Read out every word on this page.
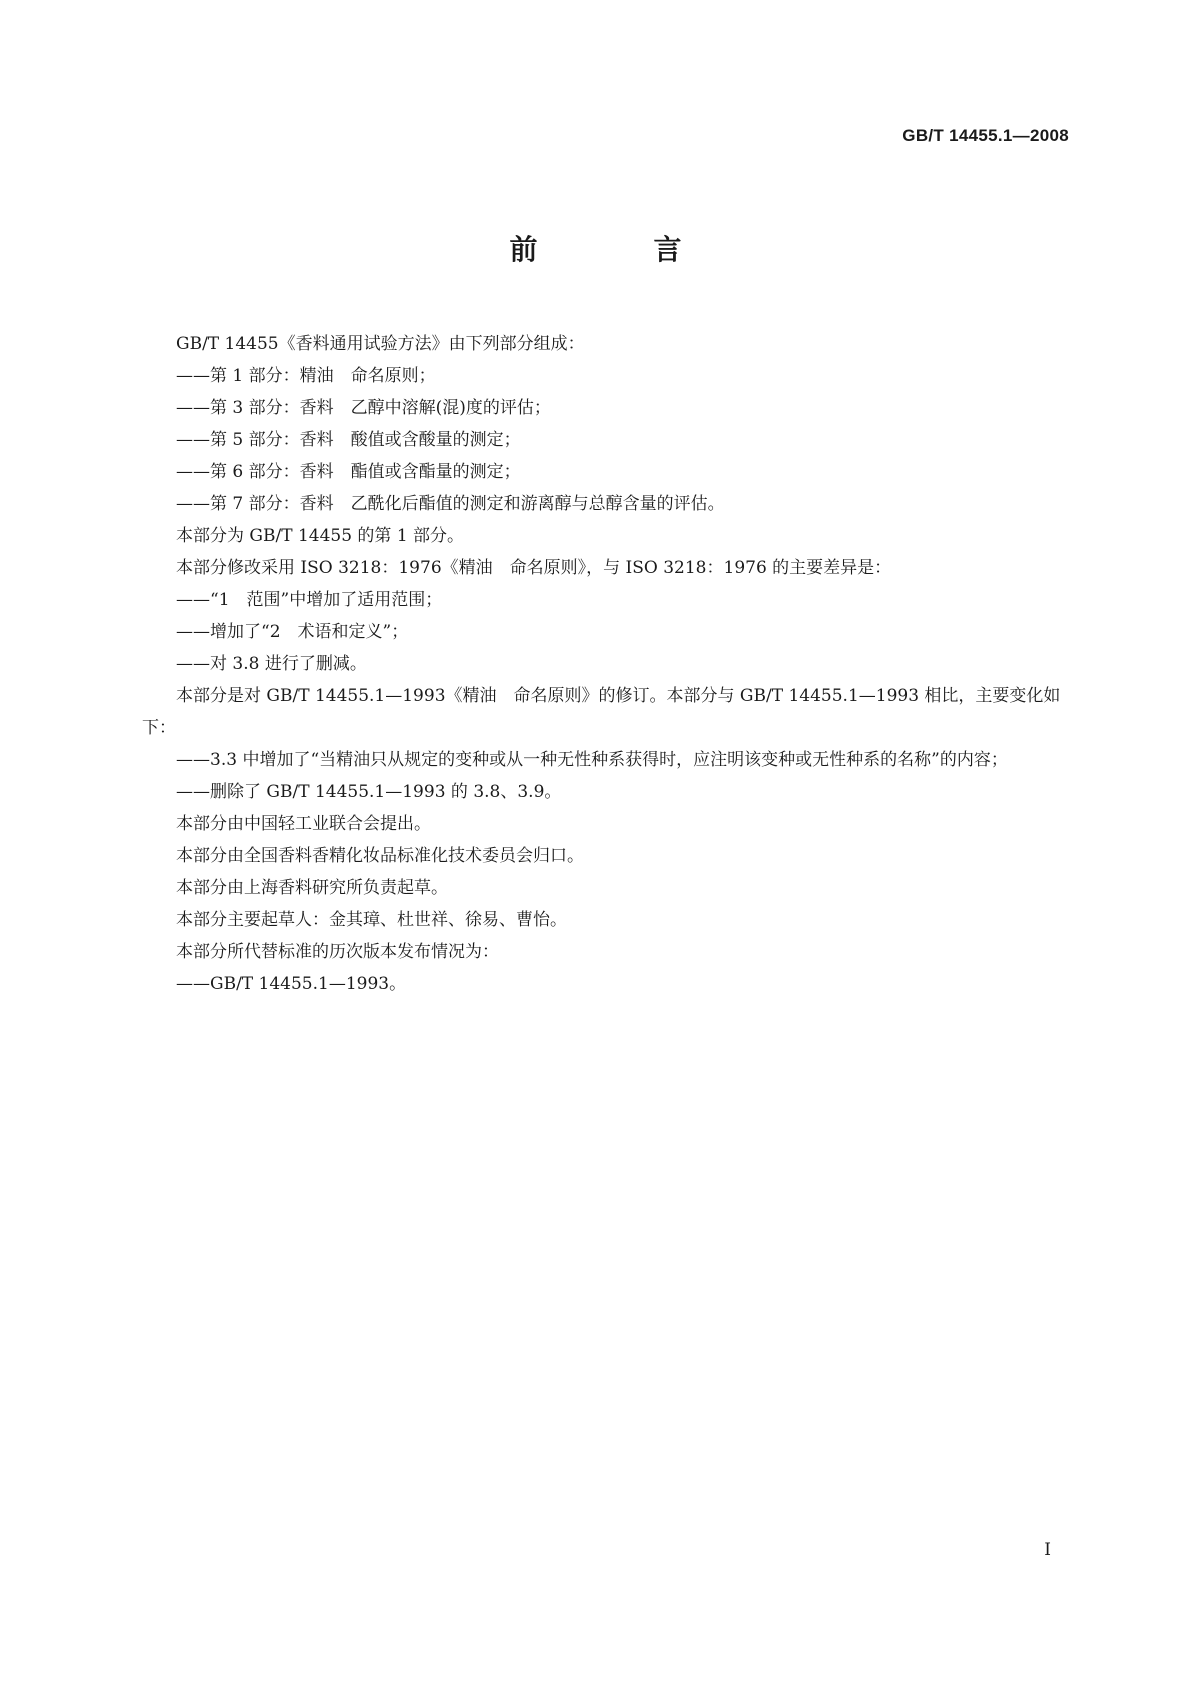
GB/T 14455.1—2008
前　言

GB/T 14455《香料通用试验方法》由下列部分组成：

——第 1 部分：精油　命名原则；

——第 3 部分：香料　乙醇中溶解(混)度的评估；

——第 5 部分：香料　酸值或含酸量的测定；

——第 6 部分：香料　酯值或含酯量的测定；

——第 7 部分：香料　乙酰化后酯值的测定和游离醇与总醇含量的评估。

本部分为 GB/T 14455 的第 1 部分。

本部分修改采用 ISO 3218：1976《精油　命名原则》，与 ISO 3218：1976 的主要差异是：

——“1　范围”中增加了适用范围；

——增加了“2　术语和定义”；

——对 3.8 进行了删减。

本部分是对 GB/T 14455.1—1993《精油　命名原则》的修订。本部分与 GB/T 14455.1—1993 相比，主要变化如下：

——3.3 中增加了“当精油只从规定的变种或从一种无性种系获得时，应注明该变种或无性种系的名称”的内容；

——删除了 GB/T 14455.1—1993 的 3.8、3.9。

本部分由中国轻工业联合会提出。

本部分由全国香料香精化妆品标准化技术委员会归口。

本部分由上海香料研究所负责起草。

本部分主要起草人：金其璋、杜世祥、徐易、曹怡。

本部分所代替标准的历次版本发布情况为：

——GB/T 14455.1—1993。

I
